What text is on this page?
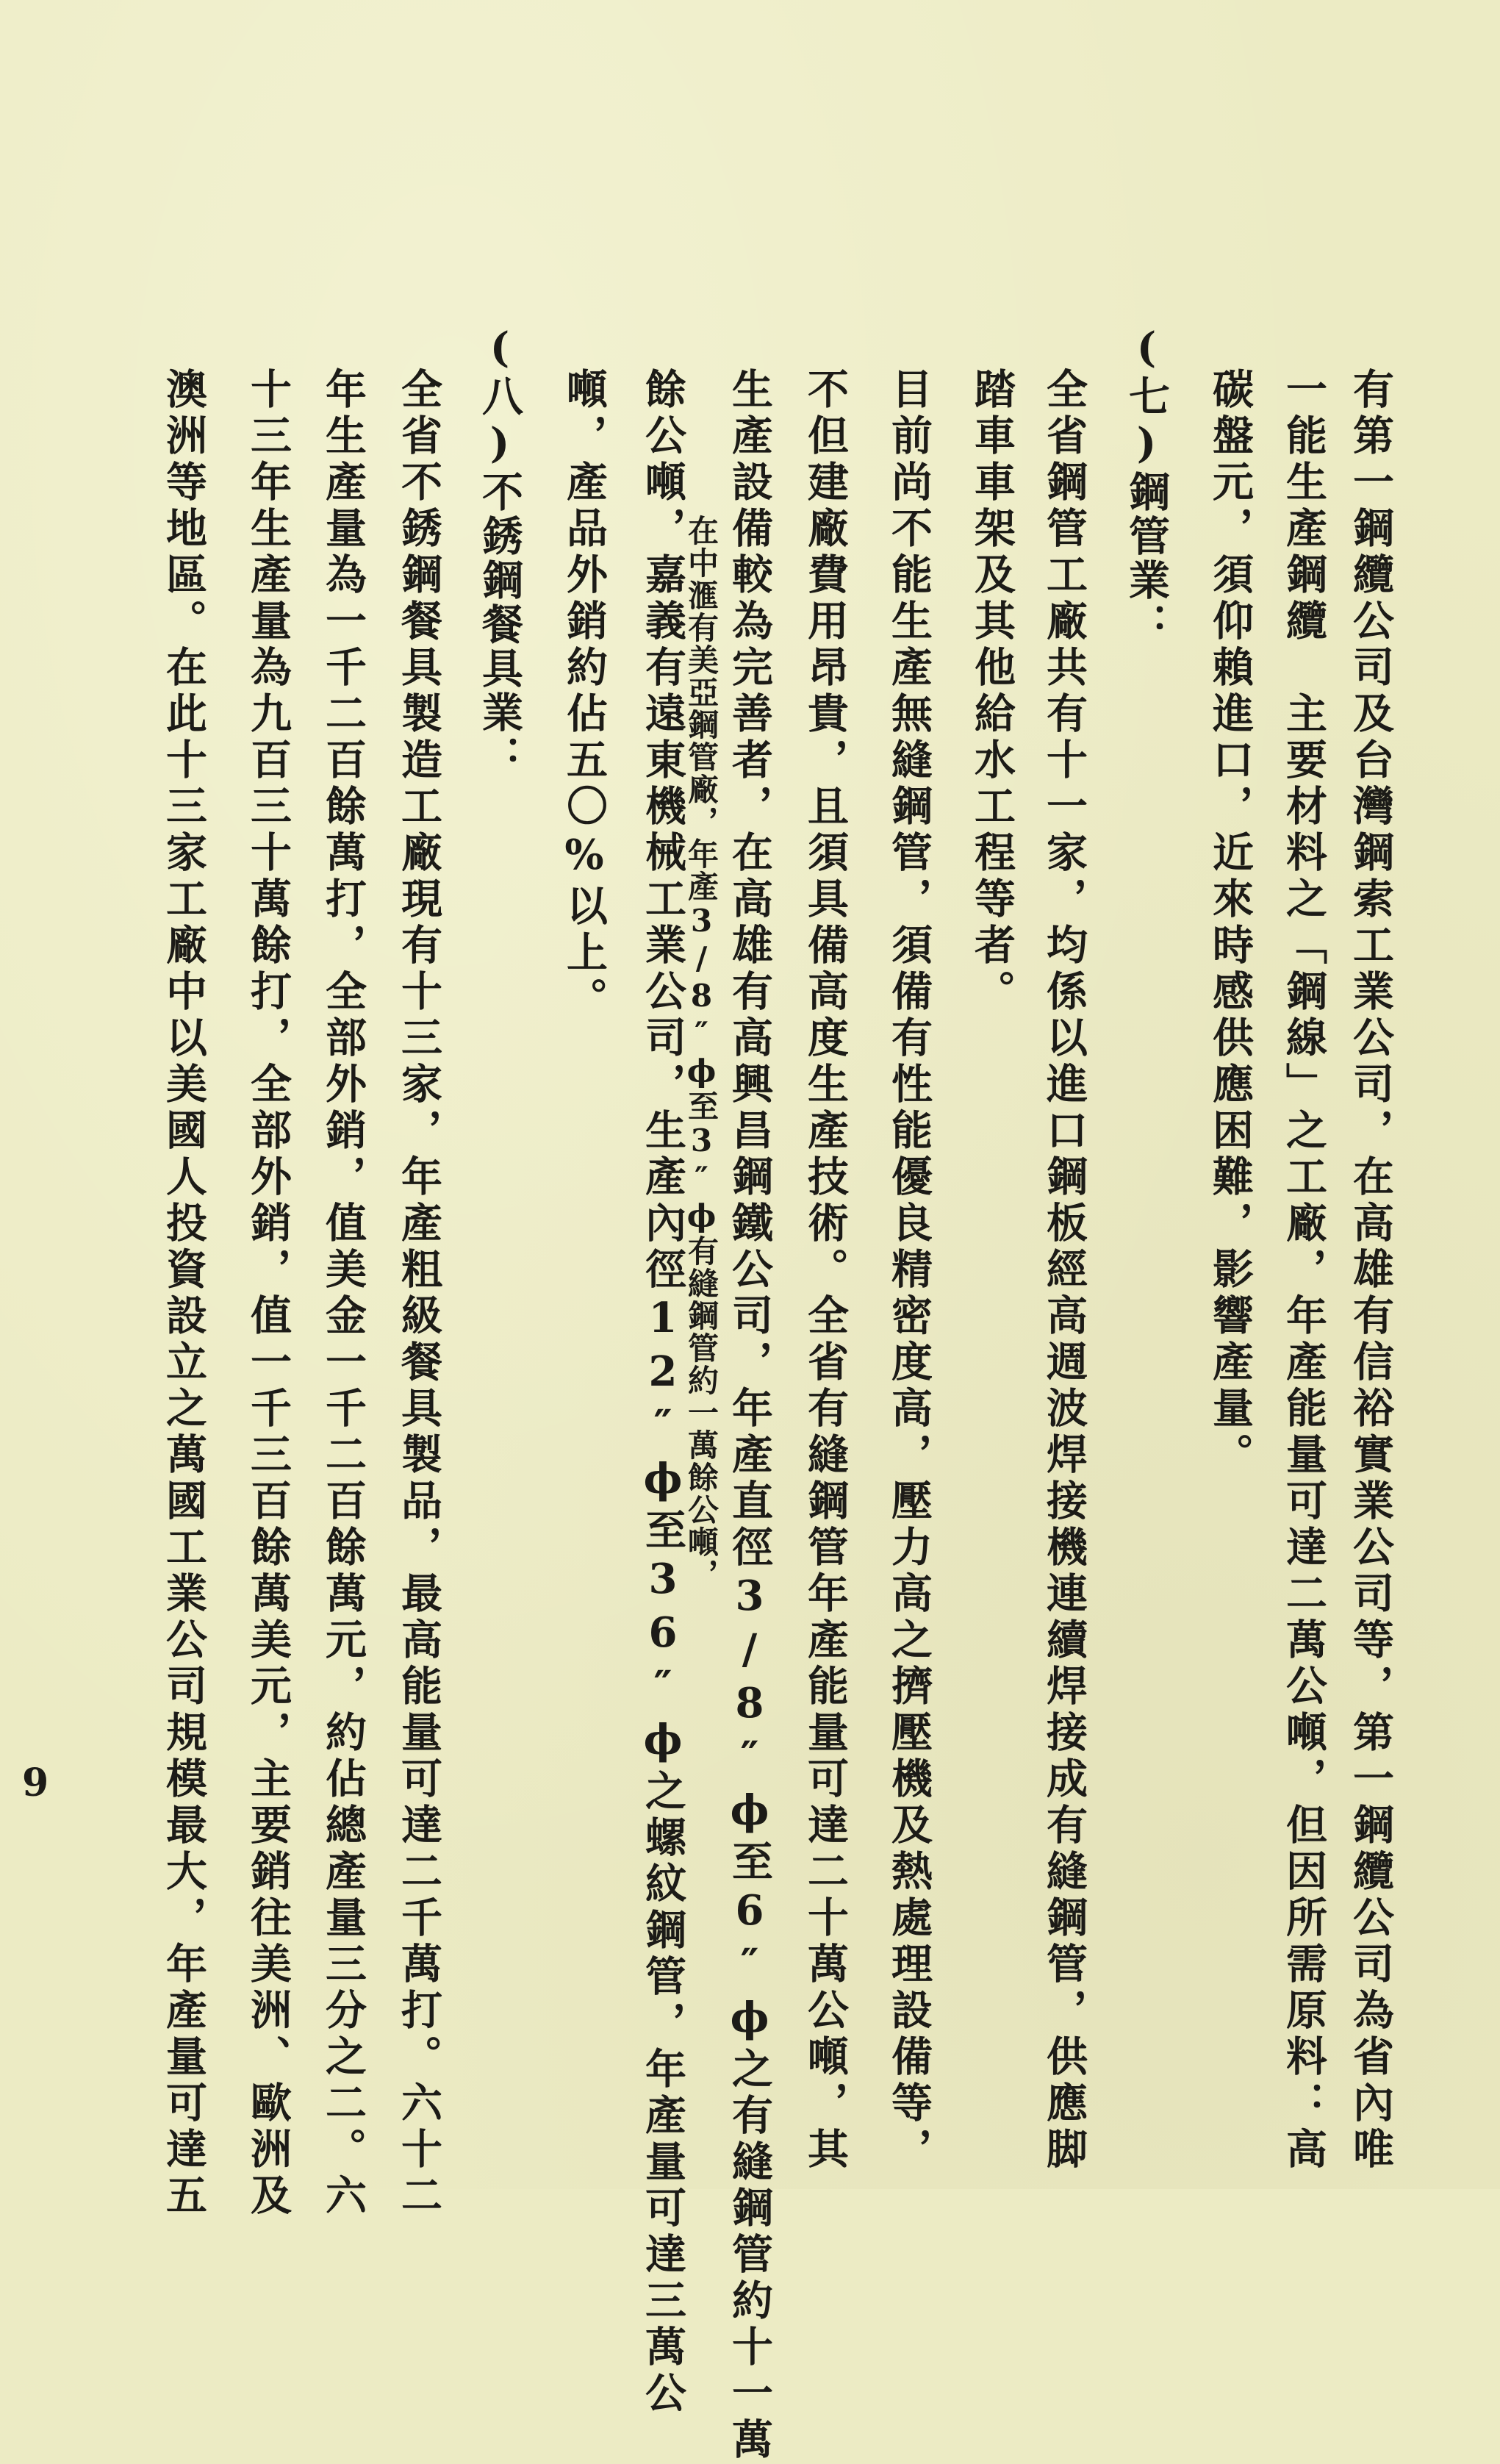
有第一鋼纜公司及台灣鋼索工業公司，在高雄有信裕實業公司等，第一鋼纜公司為省內唯
一能生產鋼纜　主要材料之「鋼線」之工廠，年產能量可達二萬公噸，但因所需原料：高
碳盤元，須仰賴進口，近來時感供應困難，影響產量。
(七)鋼管業：
全省鋼管工廠共有十一家，均係以進口鋼板經高週波焊接機連續焊接成有縫鋼管，供應脚
踏車車架及其他給水工程等者。
目前尚不能生產無縫鋼管，須備有性能優良精密度高，壓力高之擠壓機及熱處理設備等，
不但建廠費用昂貴，且須具備高度生產技術。全省有縫鋼管年產能量可達二十萬公噸，其
生產設備較為完善者，在高雄有高興昌鋼鐵公司，年產直徑3/8″ϕ至6″ϕ之有縫鋼管約十一萬
在中滙有美亞鋼管廠，年產3/8″ϕ至3″ϕ有縫鋼管約一萬餘公噸，
餘公噸，嘉義有遠東機械工業公司，生產內徑12″ϕ至36″ϕ之螺紋鋼管，年產量可達三萬公
噸，產品外銷約佔五〇%以上。
(八)不銹鋼餐具業：
全省不銹鋼餐具製造工廠現有十三家，年產粗級餐具製品，最高能量可達二千萬打。六十二
年生產量為一千二百餘萬打，全部外銷，值美金一千二百餘萬元，約佔總產量三分之二。六
十三年生產量為九百三十萬餘打，全部外銷，值一千三百餘萬美元，主要銷往美洲、歐洲及
澳洲等地區。在此十三家工廠中以美國人投資設立之萬國工業公司規模最大，年產量可達五
9
